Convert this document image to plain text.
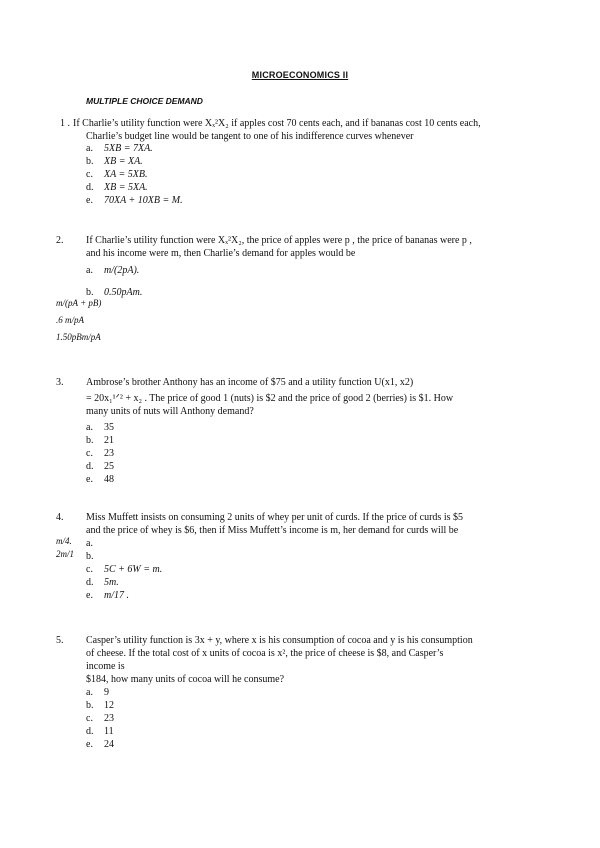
MICROECONOMICS II
MULTIPLE CHOICE DEMAND
1 . If Charlie’s utility function were Xₓ²X₂ if apples cost 70 cents each, and if bananas cost 10 cents each,
Charlie’s budget line would be tangent to one of his indifference curves whenever
a. 5XB = 7XA.
b. XB = XA.
c. XA = 5XB.
d. XB = 5XA.
e. 70XA + 10XB = M.
2. If Charlie’s utility function were Xₓ²X₂, the price of apples were p , the price of bananas were p ,
and his income were m, then Charlie’s demand for apples would be
a. m/(2pA).
b. 0.50pAm.
m/(pA + pB)
.6 m/pA
1.50pBm/pA
3. Ambrose’s brother Anthony has an income of $75 and a utility function U(x1, x2)
= 20x₁¹ᐟ² + x₂ . The price of good 1 (nuts) is $2 and the price of good 2 (berries) is $1. How
many units of nuts will Anthony demand?
a. 35
b. 21
c. 23
d. 25
e. 48
4. Miss Muffett insists on consuming 2 units of whey per unit of curds. If the price of curds is $5
and the price of whey is $6, then if Miss Muffett’s income is m, her demand for curds will be
m/4.
2m/1
a.
b.
c. 5C + 6W = m.
d. 5m.
e. m/17 .
5. Casper’s utility function is 3x + y, where x is his consumption of cocoa and y is his consumption
of cheese. If the total cost of x units of cocoa is x², the price of cheese is $8, and Casper’s
income is
$184, how many units of cocoa will he consume?
a. 9
b. 12
c. 23
d. 11
e. 24
